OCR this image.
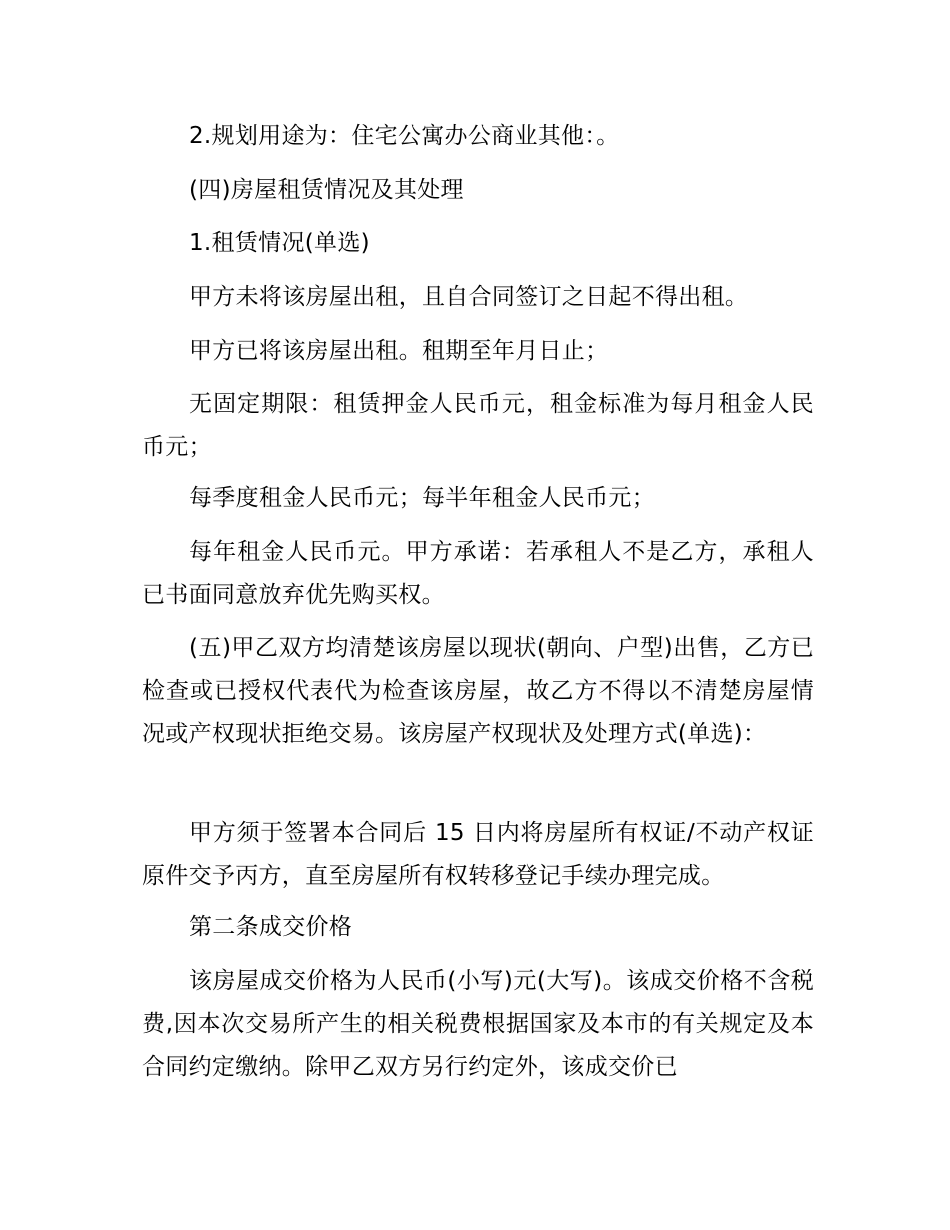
2.规划用途为：住宅公寓办公商业其他：。

(四)房屋租赁情况及其处理

1.租赁情况(单选)

甲方未将该房屋出租，且自合同签订之日起不得出租。

甲方已将该房屋出租。租期至年月日止；

无固定期限：租赁押金人民币元，租金标准为每月租金人民币元；

每季度租金人民币元；每半年租金人民币元；

每年租金人民币元。甲方承诺：若承租人不是乙方，承租人已书面同意放弃优先购买权。

(五)甲乙双方均清楚该房屋以现状(朝向、户型)出售，乙方已检查或已授权代表代为检查该房屋，故乙方不得以不清楚房屋情况或产权现状拒绝交易。该房屋产权现状及处理方式(单选)：

甲方须于签署本合同后 15 日内将房屋所有权证/不动产权证原件交予丙方，直至房屋所有权转移登记手续办理完成。

第二条成交价格

该房屋成交价格为人民币(小写)元(大写)。该成交价格不含税费,因本次交易所产生的相关税费根据国家及本市的有关规定及本合同约定缴纳。除甲乙双方另行约定外，该成交价已
